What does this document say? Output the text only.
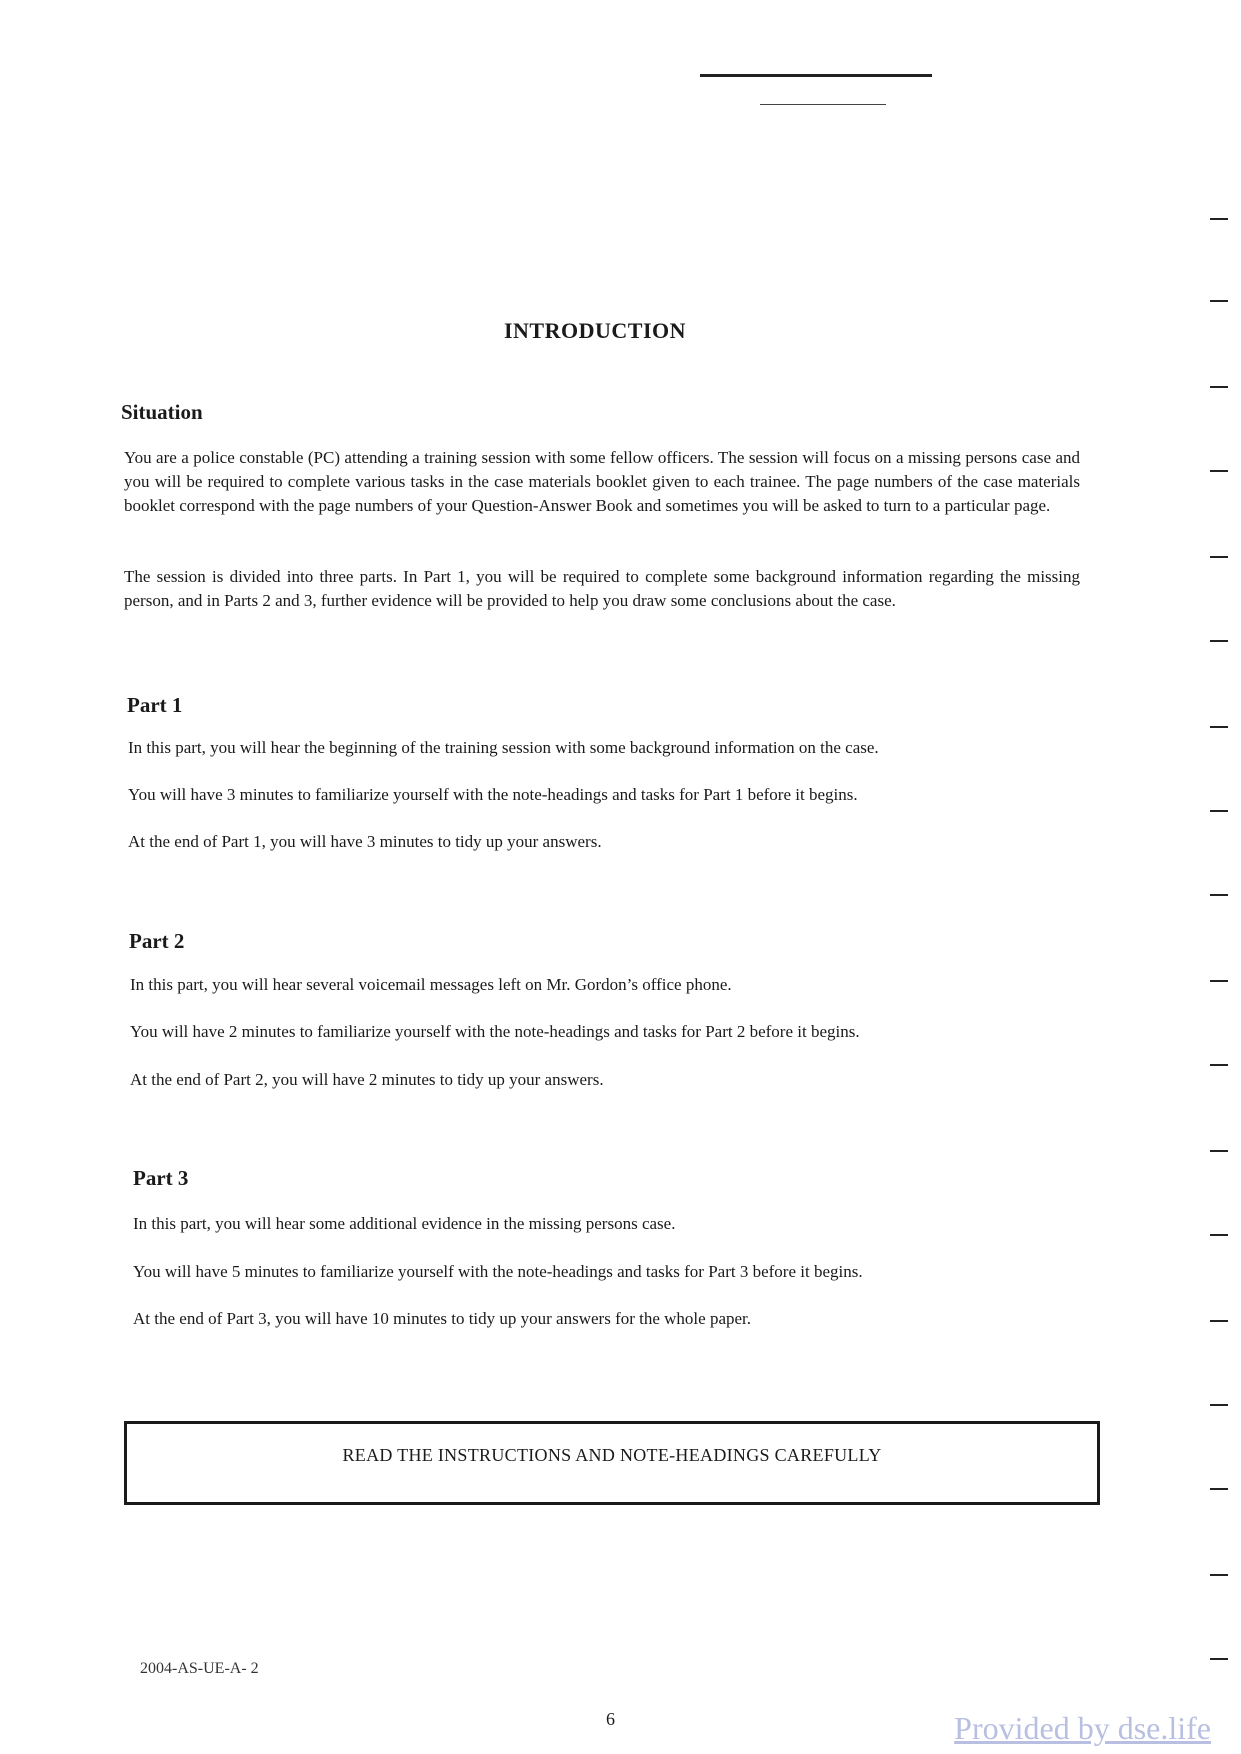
INTRODUCTION
Situation
You are a police constable (PC) attending a training session with some fellow officers. The session will focus on a missing persons case and you will be required to complete various tasks in the case materials booklet given to each trainee. The page numbers of the case materials booklet correspond with the page numbers of your Question-Answer Book and sometimes you will be asked to turn to a particular page.
The session is divided into three parts. In Part 1, you will be required to complete some background information regarding the missing person, and in Parts 2 and 3, further evidence will be provided to help you draw some conclusions about the case.
Part 1
In this part, you will hear the beginning of the training session with some background information on the case.
You will have 3 minutes to familiarize yourself with the note-headings and tasks for Part 1 before it begins.
At the end of Part 1, you will have 3 minutes to tidy up your answers.
Part 2
In this part, you will hear several voicemail messages left on Mr. Gordon’s office phone.
You will have 2 minutes to familiarize yourself with the note-headings and tasks for Part 2 before it begins.
At the end of Part 2, you will have 2 minutes to tidy up your answers.
Part 3
In this part, you will hear some additional evidence in the missing persons case.
You will have 5 minutes to familiarize yourself with the note-headings and tasks for Part 3 before it begins.
At the end of Part 3, you will have 10 minutes to tidy up your answers for the whole paper.
READ THE INSTRUCTIONS AND NOTE-HEADINGS CAREFULLY
2004-AS-UE-A- 2
6	Provided by dse.life
